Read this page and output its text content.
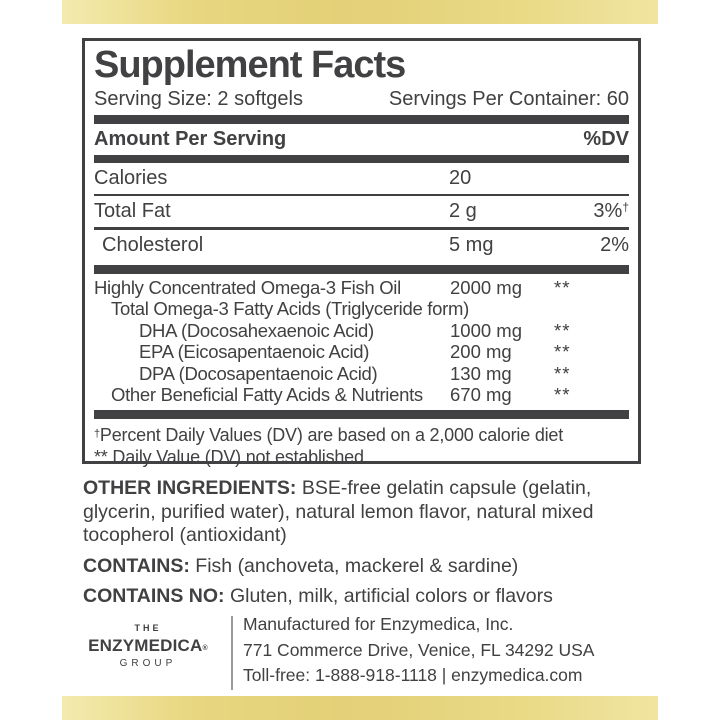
Supplement Facts
Serving Size: 2 softgels	Servings Per Container: 60
Amount Per Serving	%DV
Calories	20
Total Fat	2 g	3%†
Cholesterol	5 mg	2%
Highly Concentrated Omega-3 Fish Oil	2000 mg **
Total Omega-3 Fatty Acids (Triglyceride form)
DHA (Docosahexaenoic Acid)	1000 mg **
EPA (Eicosapentaenoic Acid)	200 mg **
DPA (Docosapentaenoic Acid)	130 mg **
Other Beneficial Fatty Acids & Nutrients 670 mg **
†Percent Daily Values (DV) are based on a 2,000 calorie diet
** Daily Value (DV) not established

OTHER INGREDIENTS: BSE-free gelatin capsule (gelatin, glycerin, purified water), natural lemon flavor, natural mixed tocopherol (antioxidant)

CONTAINS: Fish (anchoveta, mackerel & sardine)

CONTAINS NO: Gluten, milk, artificial colors or flavors

THE
ENZYMEDICA®
GROUP
Manufactured for Enzymedica, Inc.
771 Commerce Drive, Venice, FL 34292 USA
Toll-free: 1-888-918-1118 | enzymedica.com
